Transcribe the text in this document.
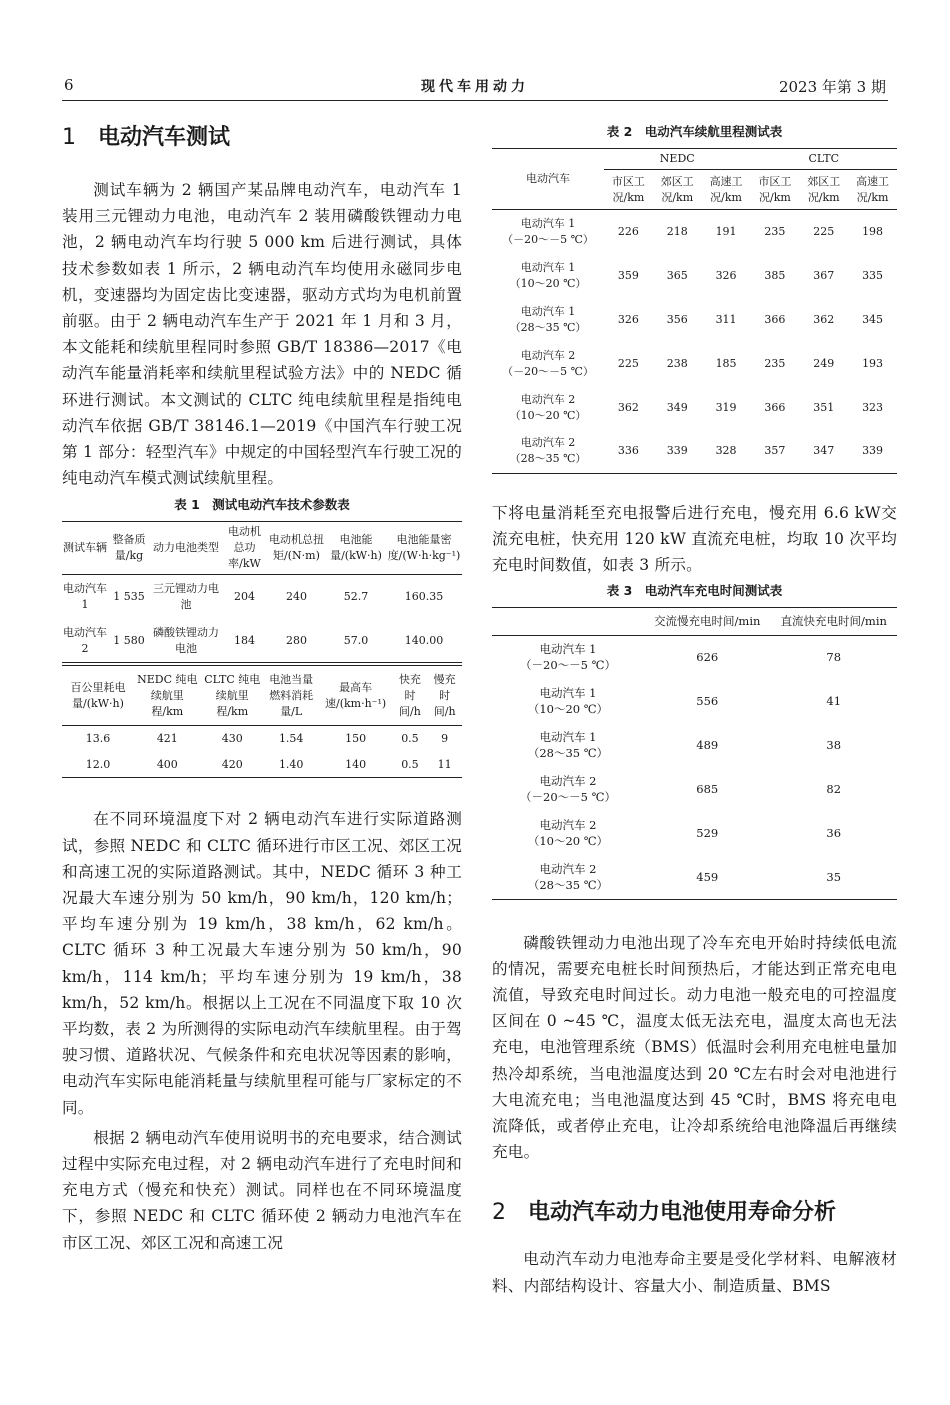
6	现代车用动力	2023 年第 3 期
1 电动汽车测试

测试车辆为 2 辆国产某品牌电动汽车，电动汽车 1 装用三元锂动力电池，电动汽车 2 装用磷酸铁锂动力电池，2 辆电动汽车均行驶 5 000 km 后进行测试，具体技术参数如表 1 所示，2 辆电动汽车均使用永磁同步电机，变速器均为固定齿比变速器，驱动方式均为电机前置前驱。由于 2 辆电动汽车生产于 2021 年 1 月和 3 月，本文能耗和续航里程同时参照 GB/T 18386—2017《电动汽车能量消耗率和续航里程试验方法》中的 NEDC 循环进行测试。本文测试的 CLTC 纯电续航里程是指纯电动汽车依据 GB/T 38146.1—2019《中国汽车行驶工况 第 1 部分：轻型汽车》中规定的中国轻型汽车行驶工况的纯电动汽车模式测试续航里程。

表 1　测试电动汽车技术参数表
测试车辆	整备质量/kg	动力电池类型	电动机总功率/kW	电动机总扭矩/(N·m)	电池能量/(kW·h)	电池能量密度/(W·h·kg⁻¹)
电动汽车 1	1 535	三元锂动力电池	204	240	52.7	160.35
电动汽车 2	1 580	磷酸铁锂动力电池	184	280	57.0	140.00
百公里耗电量/(kW·h)	NEDC 纯电续航里程/km	CLTC 纯电续航里程/km	电池当量燃料消耗量/L	最高车速/(km·h⁻¹)	快充时间/h	慢充时间/h
13.6	421	430	1.54	150	0.5	9
12.0	400	420	1.40	140	0.5	11

在不同环境温度下对 2 辆电动汽车进行实际道路测试，参照 NEDC 和 CLTC 循环进行市区工况、郊区工况和高速工况的实际道路测试。其中，NEDC 循环 3 种工况最大车速分别为 50 km/h，90 km/h，120 km/h；平均车速分别为 19 km/h，38 km/h，62 km/h。CLTC 循环 3 种工况最大车速分别为 50 km/h，90 km/h，114 km/h；平均车速分别为 19 km/h，38 km/h，52 km/h。根据以上工况在不同温度下取 10 次平均数，表 2 为所测得的实际电动汽车续航里程。由于驾驶习惯、道路状况、气候条件和充电状况等因素的影响，电动汽车实际电能消耗量与续航里程可能与厂家标定的不同。

根据 2 辆电动汽车使用说明书的充电要求，结合测试过程中实际充电过程，对 2 辆电动汽车进行了充电时间和充电方式（慢充和快充）测试。同样也在不同环境温度下，参照 NEDC 和 CLTC 循环使 2 辆动力电池汽车在市区工况、郊区工况和高速工况

表 2　电动汽车续航里程测试表
电动汽车	NEDC			CLTC		
	市区工况/km	郊区工况/km	高速工况/km	市区工况/km	郊区工况/km	高速工况/km
电动汽车 1
（－20～－5 ℃）	226	218	191	235	225	198
电动汽车 1
（10～20 ℃）	359	365	326	385	367	335
电动汽车 1
（28～35 ℃）	326	356	311	366	362	345
电动汽车 2
（－20～－5 ℃）	225	238	185	235	249	193
电动汽车 2
（10～20 ℃）	362	349	319	366	351	323
电动汽车 2
（28～35 ℃）	336	339	328	357	347	339

下将电量消耗至充电报警后进行充电，慢充用 6.6 kW交流充电桩，快充用 120 kW 直流充电桩，均取 10 次平均充电时间数值，如表 3 所示。

表 3　电动汽车充电时间测试表
	交流慢充电时间/min	直流快充电时间/min
电动汽车 1
（－20～－5 ℃）	626	78
电动汽车 1
（10～20 ℃）	556	41
电动汽车 1
（28～35 ℃）	489	38
电动汽车 2
（－20～－5 ℃）	685	82
电动汽车 2
（10～20 ℃）	529	36
电动汽车 2
（28～35 ℃）	459	35

磷酸铁锂动力电池出现了冷车充电开始时持续低电流的情况，需要充电桩长时间预热后，才能达到正常充电电流值，导致充电时间过长。动力电池一般充电的可控温度区间在 0 ~45 ℃，温度太低无法充电，温度太高也无法充电，电池管理系统（BMS）低温时会利用充电桩电量加热冷却系统，当电池温度达到 20 ℃左右时会对电池进行大电流充电；当电池温度达到 45 ℃时，BMS 将充电电流降低，或者停止充电，让冷却系统给电池降温后再继续充电。

2 电动汽车动力电池使用寿命分析

电动汽车动力电池寿命主要是受化学材料、电解液材料、内部结构设计、容量大小、制造质量、BMS
